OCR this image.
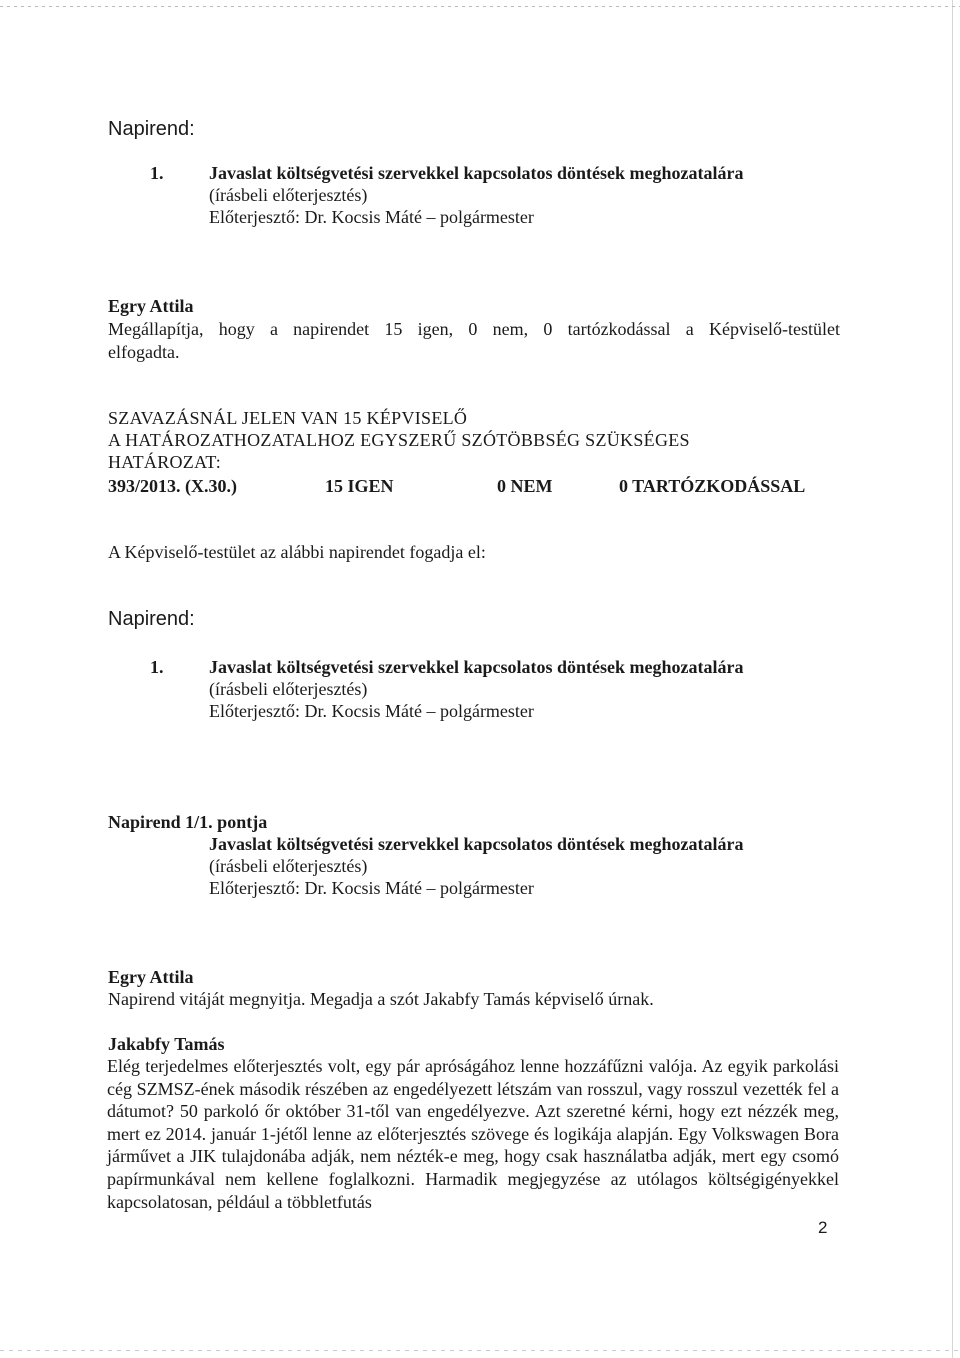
Napirend:
1.	Javaslat költségvetési szervekkel kapcsolatos döntések meghozatalára
(írásbeli előterjesztés)
Előterjesztő: Dr. Kocsis Máté – polgármester
Egry Attila
Megállapítja, hogy a napirendet 15 igen, 0 nem, 0 tartózkodással a Képviselő-testület
elfogadta.
SZAVAZÁSNÁL JELEN VAN 15 KÉPVISELŐ
A HATÁROZATHOZATALHOZ EGYSZERŰ SZÓTÖBBSÉG SZÜKSÉGES
HATÁROZAT:
393/2013. (X.30.)	15 IGEN	0 NEM	0 TARTÓZKODÁSSAL
A Képviselő-testület az alábbi napirendet fogadja el:
Napirend:
1.	Javaslat költségvetési szervekkel kapcsolatos döntések meghozatalára
(írásbeli előterjesztés)
Előterjesztő: Dr. Kocsis Máté – polgármester
Napirend 1/1. pontja
Javaslat költségvetési szervekkel kapcsolatos döntések meghozatalára
(írásbeli előterjesztés)
Előterjesztő: Dr. Kocsis Máté – polgármester
Egry Attila
Napirend vitáját megnyitja. Megadja a szót Jakabfy Tamás képviselő úrnak.
Jakabfy Tamás
Elég terjedelmes előterjesztés volt, egy pár apróságához lenne hozzáfűzni valója. Az egyik parkolási cég SZMSZ-ének második részében az engedélyezett létszám van rosszul, vagy rosszul vezették fel a dátumot? 50 parkoló őr október 31-től van engedélyezve. Azt szeretné kérni, hogy ezt nézzék meg, mert ez 2014. január 1-jétől lenne az előterjesztés szövege és logikája alapján. Egy Volkswagen Bora járművet a JIK tulajdonába adják, nem nézték-e meg, hogy csak használatba adják, mert egy csomó papírmunkával nem kellene foglalkozni. Harmadik megjegyzése az utólagos költségigényekkel kapcsolatosan, például a többletfutás
2
